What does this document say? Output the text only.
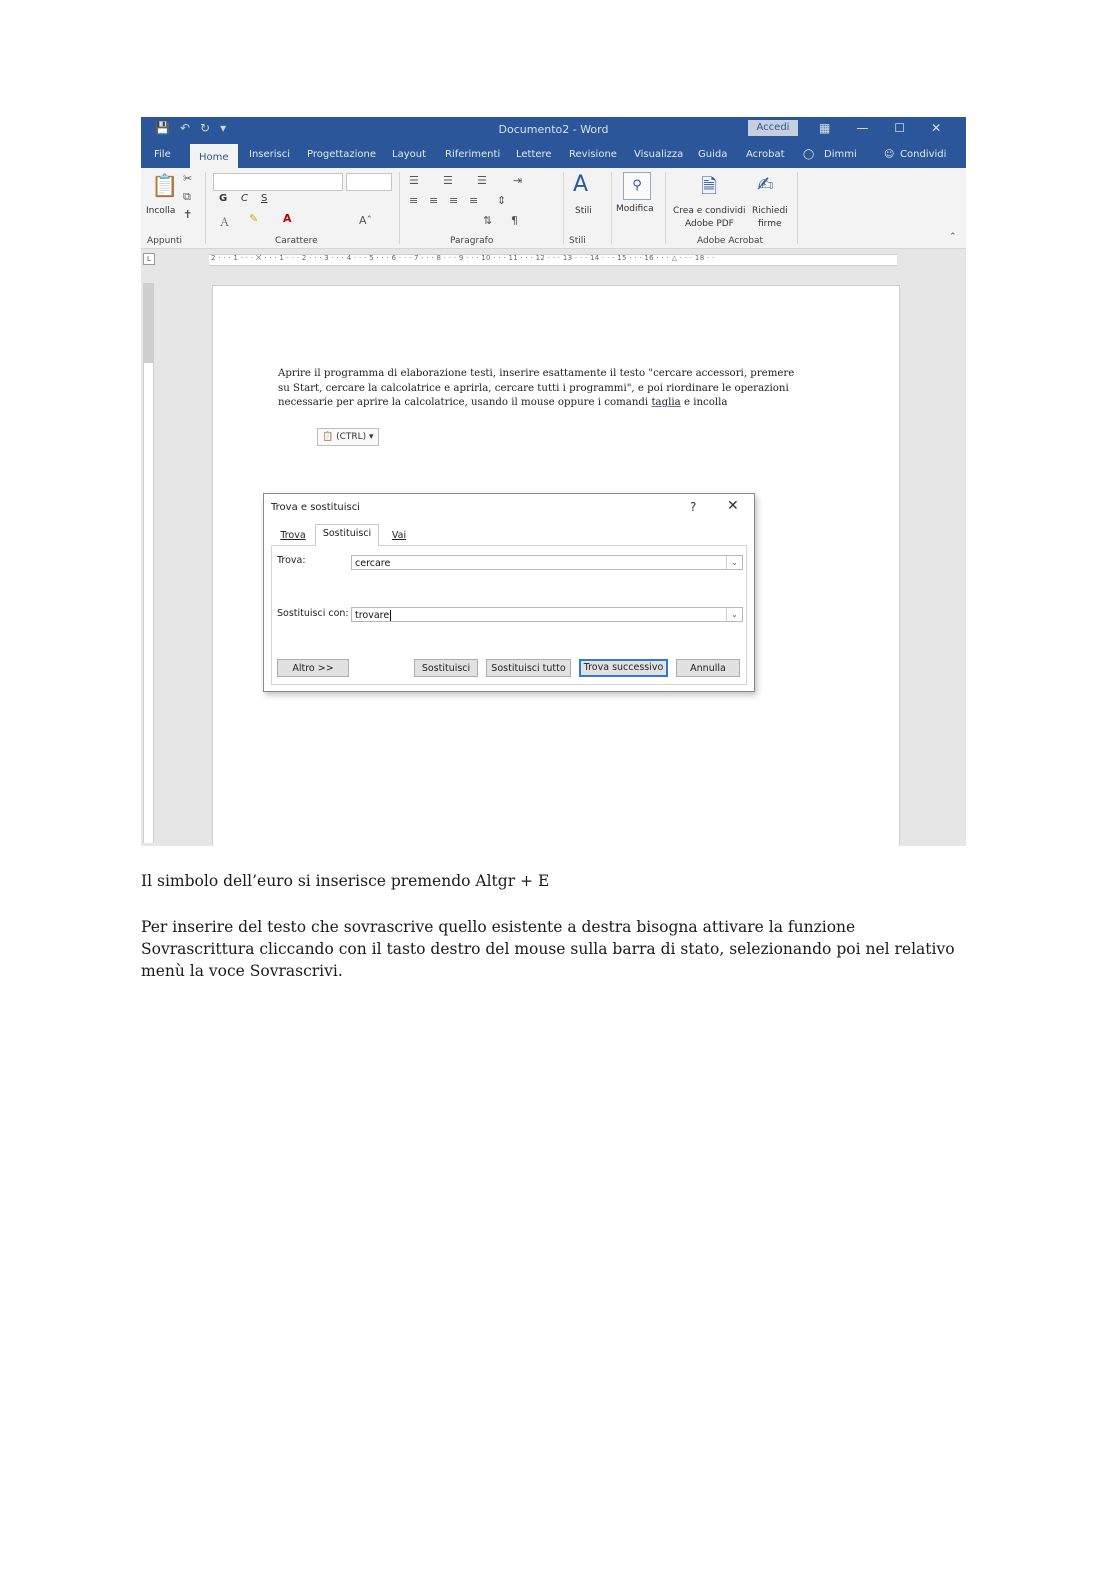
💾 ↶ ↻ ▾	Documento2 - Word	Accedi	▦ — ☐ ✕
File	Home	Inserisci Progettazione Layout Riferimenti Lettere Revisione Visualizza Guida Acrobat ◯ Dimmi	☺ Condividi
📋
Incolla
✂
⧉
✝
Appunti
G C S
Ａ ✎ A	Aˆ
Carattere
☰ ☰ ☰ ⇥
≡ ≡ ≡ ≡ ⇕
⇅ ¶
Paragrafo
A
Stili
Stili
⚲
Modifica
🗎
Crea e condividi
Adobe PDF
✍
Richiedi
firme
Adobe Acrobat	⌃
L	2 · · · 1 · · · ⨉ · · · 1 · · · 2 · · · 3 · · · 4 · · · 5 · · · 6 · · · 7 · · · 8 · · · 9 · · · 10 · · · 11 · · · 12 · · · 13 · · · 14 · · · 15 · · · 16 · · · △ · · · 18 · ·
Aprire il programma di elaborazione testi, inserire esattamente il testo "cercare accessori, premere su Start, cercare la calcolatrice e aprirla, cercare tutti i programmi", e poi riordinare le operazioni necessarie per aprire la calcolatrice, usando il mouse oppure i comandi taglia e incolla
📋 (CTRL) ▾
Trova e sostituisci	? ✕
Trova	Sostituisci	Vai
Trova:	cercare	⌄
Sostituisci con: trovare	⌄
Altro >>	Sostituisci	Sostituisci tutto	Trova successivo	Annulla
Il simbolo dell’euro si inserisce premendo Altgr + E
Per inserire del testo che sovrascrive quello esistente a destra bisogna attivare la funzione Sovrascrittura cliccando con il tasto destro del mouse sulla barra di stato, selezionando poi nel relativo menù la voce Sovrascrivi.
